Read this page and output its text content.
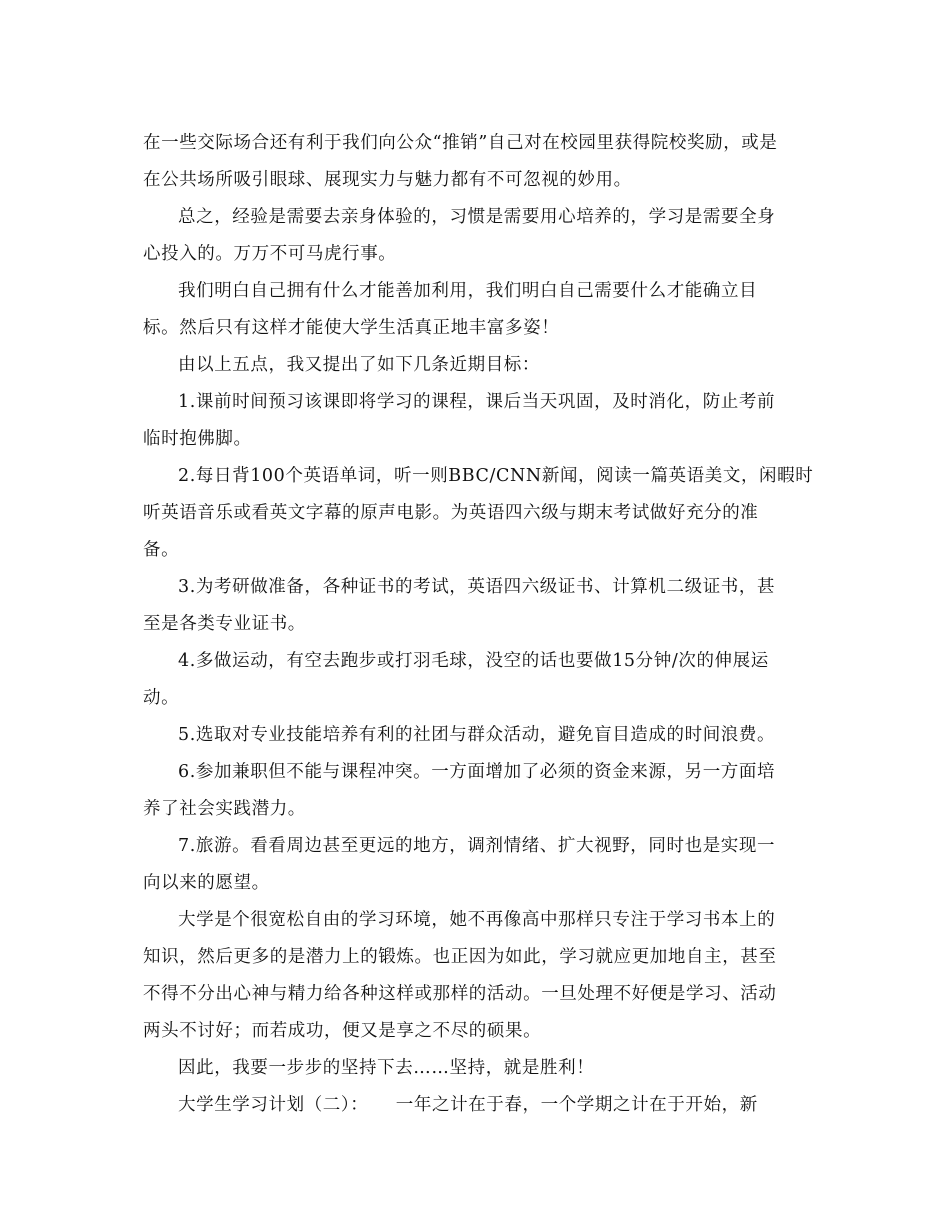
在一些交际场合还有利于我们向公众“推销”自己对在校园里获得院校奖励，或是
在公共场所吸引眼球、展现实力与魅力都有不可忽视的妙用。
总之，经验是需要去亲身体验的，习惯是需要用心培养的，学习是需要全身
心投入的。万万不可马虎行事。
我们明白自己拥有什么才能善加利用，我们明白自己需要什么才能确立目
标。然后只有这样才能使大学生活真正地丰富多姿！
由以上五点，我又提出了如下几条近期目标：
1.课前时间预习该课即将学习的课程，课后当天巩固，及时消化，防止考前
临时抱佛脚。
2.每日背100个英语单词，听一则BBC/CNN新闻，阅读一篇英语美文，闲暇时
听英语音乐或看英文字幕的原声电影。为英语四六级与期末考试做好充分的准
备。
3.为考研做准备，各种证书的考试，英语四六级证书、计算机二级证书，甚
至是各类专业证书。
4.多做运动，有空去跑步或打羽毛球，没空的话也要做15分钟/次的伸展运
动。
5.选取对专业技能培养有利的社团与群众活动，避免盲目造成的时间浪费。
6.参加兼职但不能与课程冲突。一方面增加了必须的资金来源，另一方面培
养了社会实践潜力。
7.旅游。看看周边甚至更远的地方，调剂情绪、扩大视野，同时也是实现一
向以来的愿望。
大学是个很宽松自由的学习环境，她不再像高中那样只专注于学习书本上的
知识，然后更多的是潜力上的锻炼。也正因为如此，学习就应更加地自主，甚至
不得不分出心神与精力给各种这样或那样的活动。一旦处理不好便是学习、活动
两头不讨好；而若成功，便又是享之不尽的硕果。
因此，我要一步步的坚持下去……坚持，就是胜利！
大学生学习计划（二）：　　一年之计在于春，一个学期之计在于开始，新
